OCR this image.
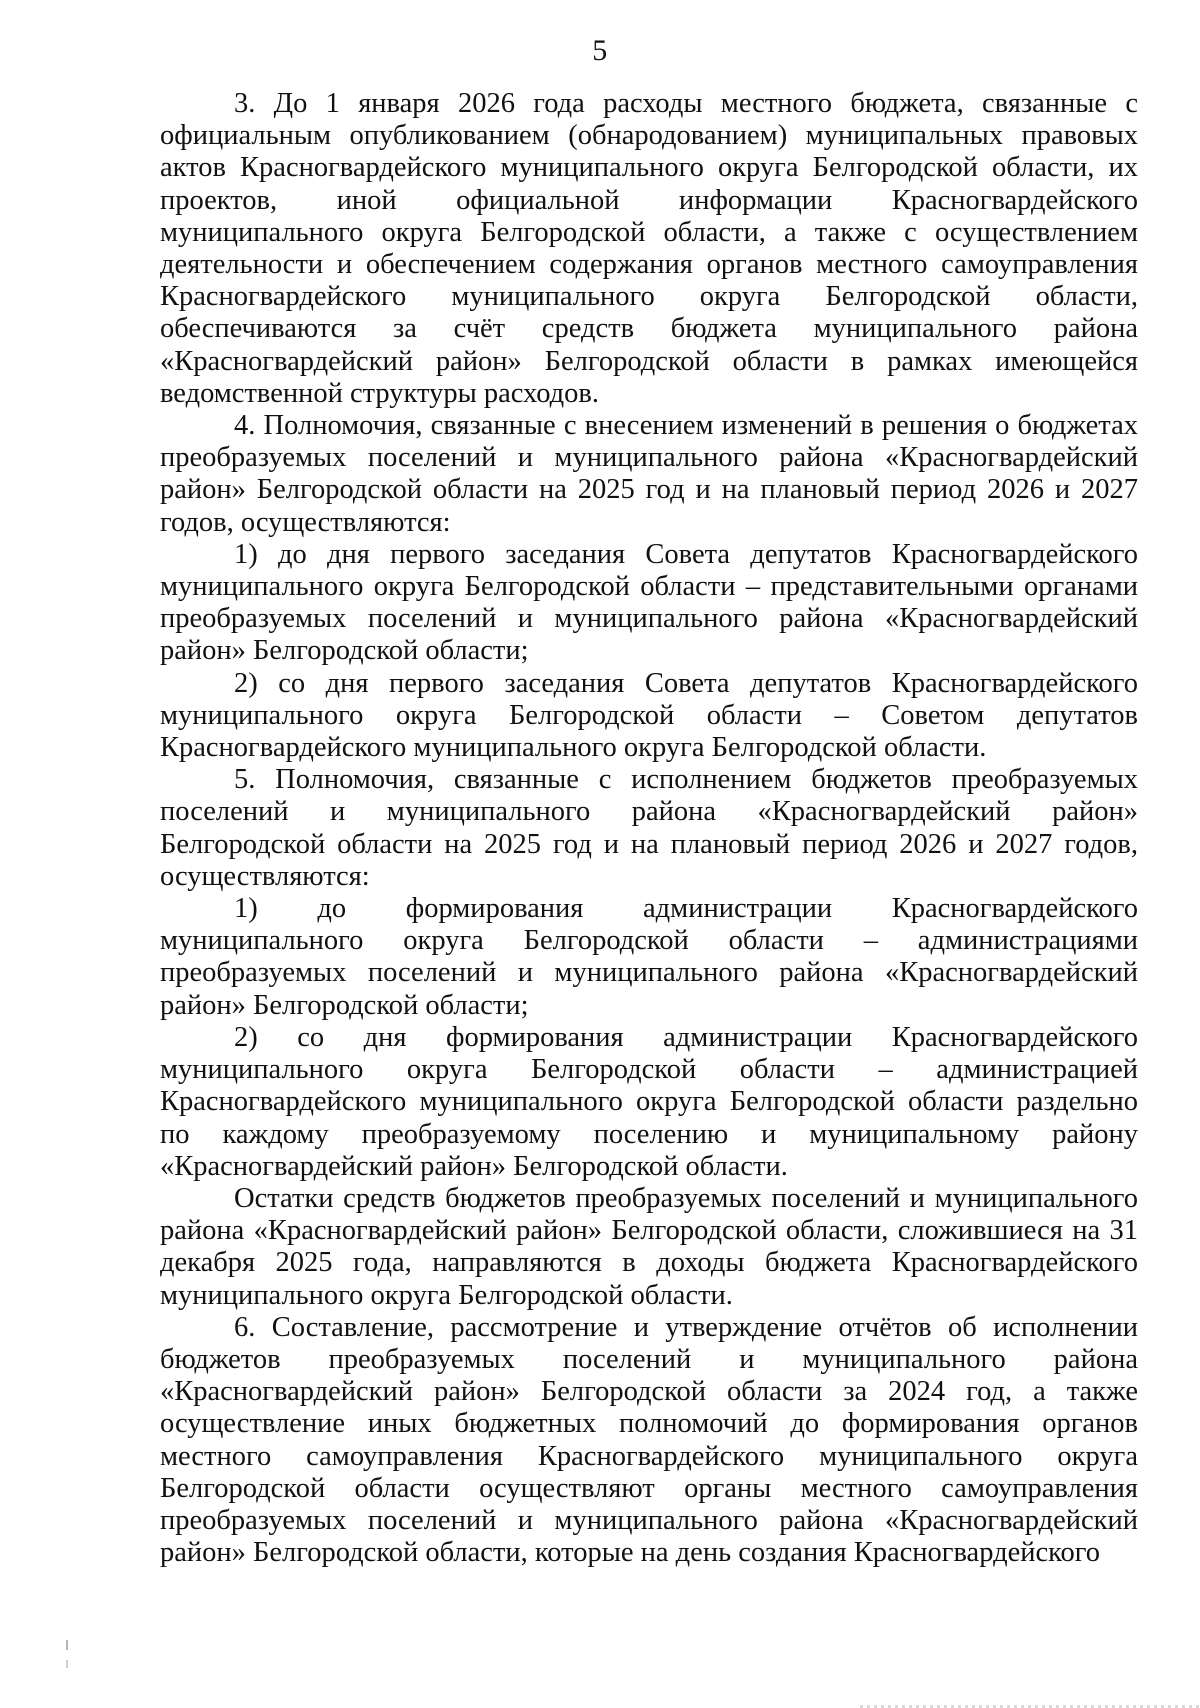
5

3. До 1 января 2026 года расходы местного бюджета, связанные с официальным опубликованием (обнародованием) муниципальных правовых актов Красногвардейского муниципального округа Белгородской области, их проектов, иной официальной информации Красногвардейского муниципального округа Белгородской области, а также с осуществлением деятельности и обеспечением содержания органов местного самоуправления Красногвардейского муниципального округа Белгородской области, обеспечиваются за счёт средств бюджета муниципального района «Красногвардейский район» Белгородской области в рамках имеющейся ведомственной структуры расходов.

4. Полномочия, связанные с внесением изменений в решения о бюджетах преобразуемых поселений и муниципального района «Красногвардейский район» Белгородской области на 2025 год и на плановый период 2026 и 2027 годов, осуществляются:

1) до дня первого заседания Совета депутатов Красногвардейского муниципального округа Белгородской области – представительными органами преобразуемых поселений и муниципального района «Красногвардейский район» Белгородской области;

2) со дня первого заседания Совета депутатов Красногвардейского муниципального округа Белгородской области – Советом депутатов Красногвардейского муниципального округа Белгородской области.

5. Полномочия, связанные с исполнением бюджетов преобразуемых поселений и муниципального района «Красногвардейский район» Белгородской области на 2025 год и на плановый период 2026 и 2027 годов, осуществляются:

1) до формирования администрации Красногвардейского муниципального округа Белгородской области – администрациями преобразуемых поселений и муниципального района «Красногвардейский район» Белгородской области;

2) со дня формирования администрации Красногвардейского муниципального округа Белгородской области – администрацией Красногвардейского муниципального округа Белгородской области раздельно по каждому преобразуемому поселению и муниципальному району «Красногвардейский район» Белгородской области.

Остатки средств бюджетов преобразуемых поселений и муниципального района «Красногвардейский район» Белгородской области, сложившиеся на 31 декабря 2025 года, направляются в доходы бюджета Красногвардейского муниципального округа Белгородской области.

6. Составление, рассмотрение и утверждение отчётов об исполнении бюджетов преобразуемых поселений и муниципального района «Красногвардейский район» Белгородской области за 2024 год, а также осуществление иных бюджетных полномочий до формирования органов местного самоуправления Красногвардейского муниципального округа Белгородской области осуществляют органы местного самоуправления преобразуемых поселений и муниципального района «Красногвардейский район» Белгородской области, которые на день создания Красногвардейского
